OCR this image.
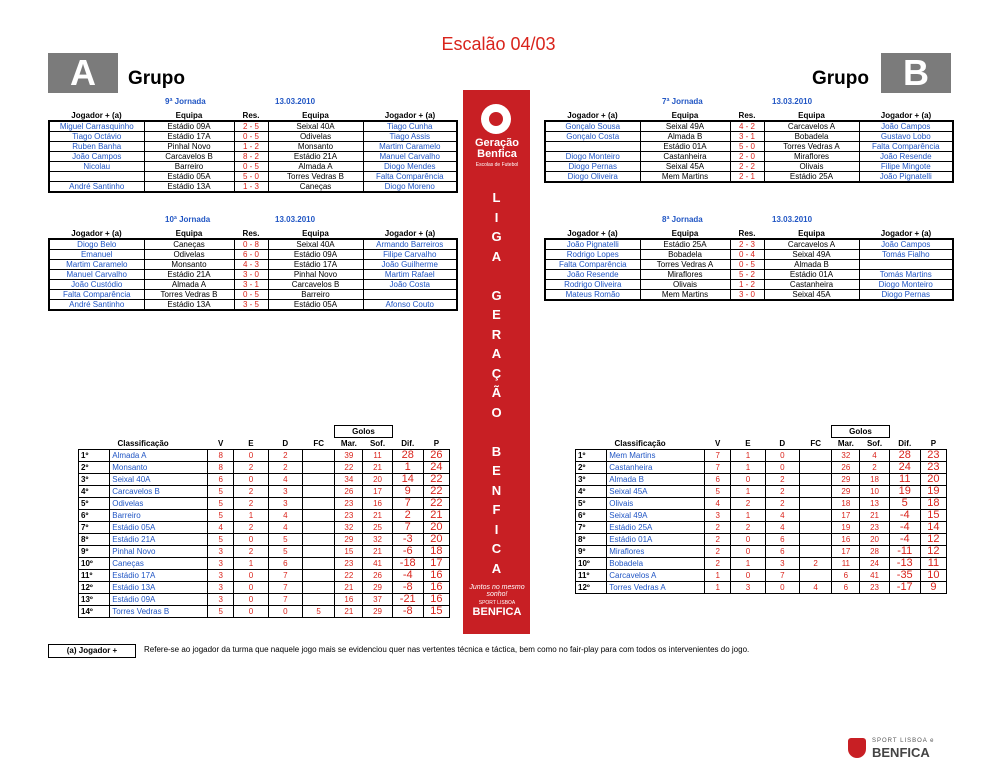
Escalão 04/03
A	Grupo	Grupo B
9ª Jornada	13.03.2010
Jogador + (a)	Equipa	Res.	Equipa	Jogador + (a)
Miguel Carrasquinho	Estádio 09A	2 - 5	Seixal 40A	Tiago Cunha
Tiago Octávio	Estádio 17A	0 - 5	Odivelas	Tiago Assis
Ruben Banha	Pinhal Novo	1 - 2	Monsanto	Martim Caramelo
João Campos	Carcavelos B	8 - 2	Estádio 21A	Manuel Carvalho
Nicolau	Barreiro	0 - 5	Almada A	Diogo Mendes
	Estádio 05A	5 - 0	Torres Vedras B	Falta Comparência
André Santinho	Estádio 13A	1 - 3	Caneças	Diogo Moreno
10ª Jornada	13.03.2010
Jogador + (a)	Equipa	Res.	Equipa	Jogador + (a)
Diogo Belo	Caneças	0 - 8	Seixal 40A	Armando Barreiros
Emanuel	Odivelas	6 - 0	Estádio 09A	Filipe Carvalho
Martim Caramelo	Monsanto	4 - 3	Estádio 17A	João Guilherme
Manuel Carvalho	Estádio 21A	3 - 0	Pinhal Novo	Martim Rafael
João Custódio	Almada A	3 - 1	Carcavelos B	João Costa
Falta Comparência	Torres Vedras B	0 - 5	Barreiro	
André Santinho	Estádio 13A	3 - 5	Estádio 05A	Afonso Couto
7ª Jornada	13.03.2010
Jogador + (a)	Equipa	Res.	Equipa	Jogador + (a)
Gonçalo Sousa	Seixal 49A	4 - 2	Carcavelos A	João Campos
Gonçalo Costa	Almada B	3 - 1	Bobadela	Gustavo Lobo
	Estádio 01A	5 - 0	Torres Vedras A	Falta Comparência
Diogo Monteiro	Castanheira	2 - 0	Miraflores	João Resende
Diogo Pernas	Seixal 45A	2 - 2	Olivais	Filipe Mingote
Diogo Oliveira	Mem Martins	2 - 1	Estádio 25A	João Pignatelli
8ª Jornada	13.03.2010
Jogador + (a)	Equipa	Res.	Equipa	Jogador + (a)
João Pignatelli	Estádio 25A	2 - 3	Carcavelos A	João Campos
Rodrigo Lopes	Bobadela	0 - 4	Seixal 49A	Tomás Fialho
Falta Comparência	Torres Vedras A	0 - 5	Almada B	
João Resende	Miraflores	5 - 2	Estádio 01A	Tomás Martins
Rodrigo Oliveira	Olivais	1 - 2	Castanheira	Diogo Monteiro
Mateus Romão	Mem Martins	3 - 0	Seixal 45A	Diogo Pernas
Geração
Benfica
Escolas de Futebol
L
I
G
A
G
E
R
A
Ç
Ã
O
B
E
N
F
I
C
A
Juntos no mesmo sonho!
SPORT LISBOA
BENFICA
						Golos			
Classificação		V	E	D	FC	Mar.	Sof.	Dif.	P
1º	Almada A	8	0	2		39	11	28	26
2º	Monsanto	8	2	2		22	21	1	24
3º	Seixal 40A	6	0	4		34	20	14	22
4º	Carcavelos B	5	2	3		26	17	9	22
5º	Odivelas	5	2	3		23	16	7	22
6º	Barreiro	5	1	4		23	21	2	21
7º	Estádio 05A	4	2	4		32	25	7	20
8º	Estádio 21A	5	0	5		29	32	-3	20
9º	Pinhal Novo	3	2	5		15	21	-6	18
10º	Caneças	3	1	6		23	41	-18	17
11º	Estádio 17A	3	0	7		22	26	-4	16
12º	Estádio 13A	3	0	7		21	29	-8	16
13º	Estádio 09A	3	0	7		16	37	-21	16
14º	Torres Vedras B	5	0	0	5	21	29	-8	15
						Golos			
Classificação		V	E	D	FC	Mar.	Sof.	Dif.	P
1º	Mem Martins	7	1	0		32	4	28	23
2º	Castanheira	7	1	0		26	2	24	23
3º	Almada B	6	0	2		29	18	11	20
4º	Seixal 45A	5	1	2		29	10	19	19
5º	Olivais	4	2	2		18	13	5	18
6º	Seixal 49A	3	1	4		17	21	-4	15
7º	Estádio 25A	2	2	4		19	23	-4	14
8º	Estádio 01A	2	0	6		16	20	-4	12
9º	Miraflores	2	0	6		17	28	-11	12
10º	Bobadela	2	1	3	2	11	24	-13	11
11º	Carcavelos A	1	0	7		6	41	-35	10
12º	Torres Vedras A	1	3	0	4	6	23	-17	9
(a) Jogador +	Refere-se ao jogador da turma que naquele jogo mais se evidenciou quer nas vertentes técnica e táctica, bem como no fair-play para com todos os intervenientes do jogo.
SPORT LISBOA e
BENFICA
